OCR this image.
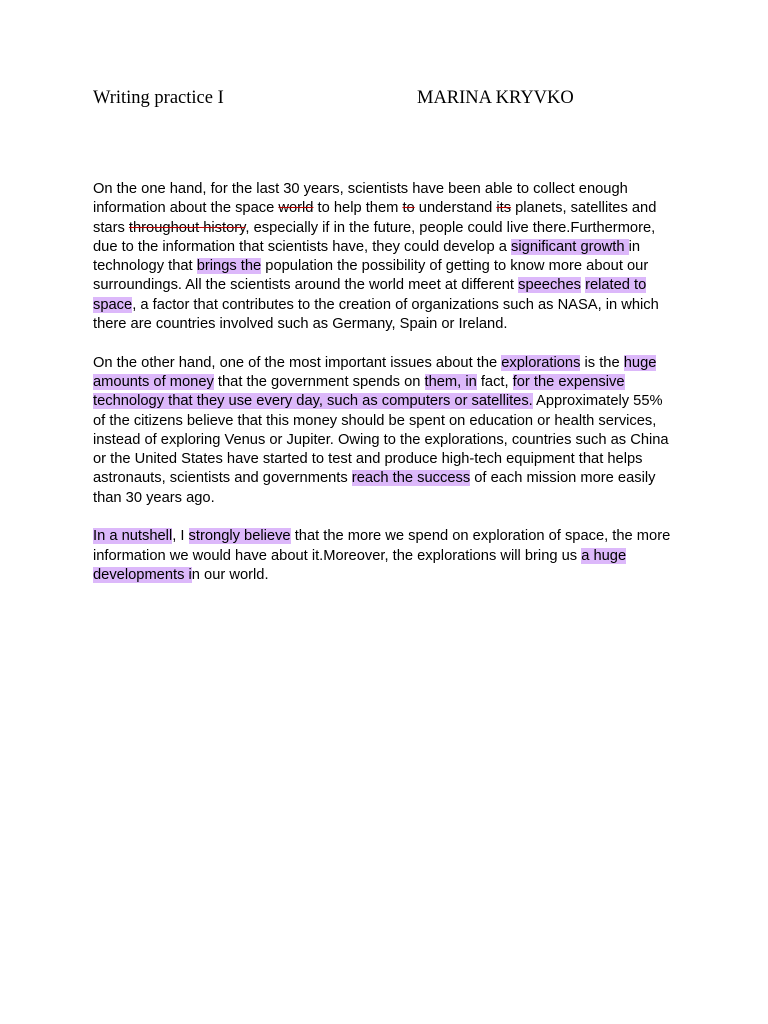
Writing practice I	MARINA KRYVKO

On the one hand, for the last 30 years, scientists have been able to collect enough information about the space world to help them to understand its planets, satellites and stars throughout history, especially if in the future, people could live there.Furthermore, due to the information that scientists have, they could develop a significant growth in technology that brings the population the possibility of getting to know more about our surroundings. All the scientists around the world meet at different speeches related to space, a factor that contributes to the creation of organizations such as NASA, in which there are countries involved such as Germany, Spain or Ireland.

On the other hand, one of the most important issues about the explorations is the huge amounts of money that the government spends on them, in fact, for the expensive technology that they use every day, such as computers or satellites. Approximately 55% of the citizens believe that this money should be spent on education or health services, instead of exploring Venus or Jupiter. Owing to the explorations, countries such as China or the United States have started to test and produce high-tech equipment that helps astronauts, scientists and governments reach the success of each mission more easily than 30 years ago.

In a nutshell, I strongly believe that the more we spend on exploration of space, the more information we would have about it.Moreover, the explorations will bring us a huge developments in our world.
